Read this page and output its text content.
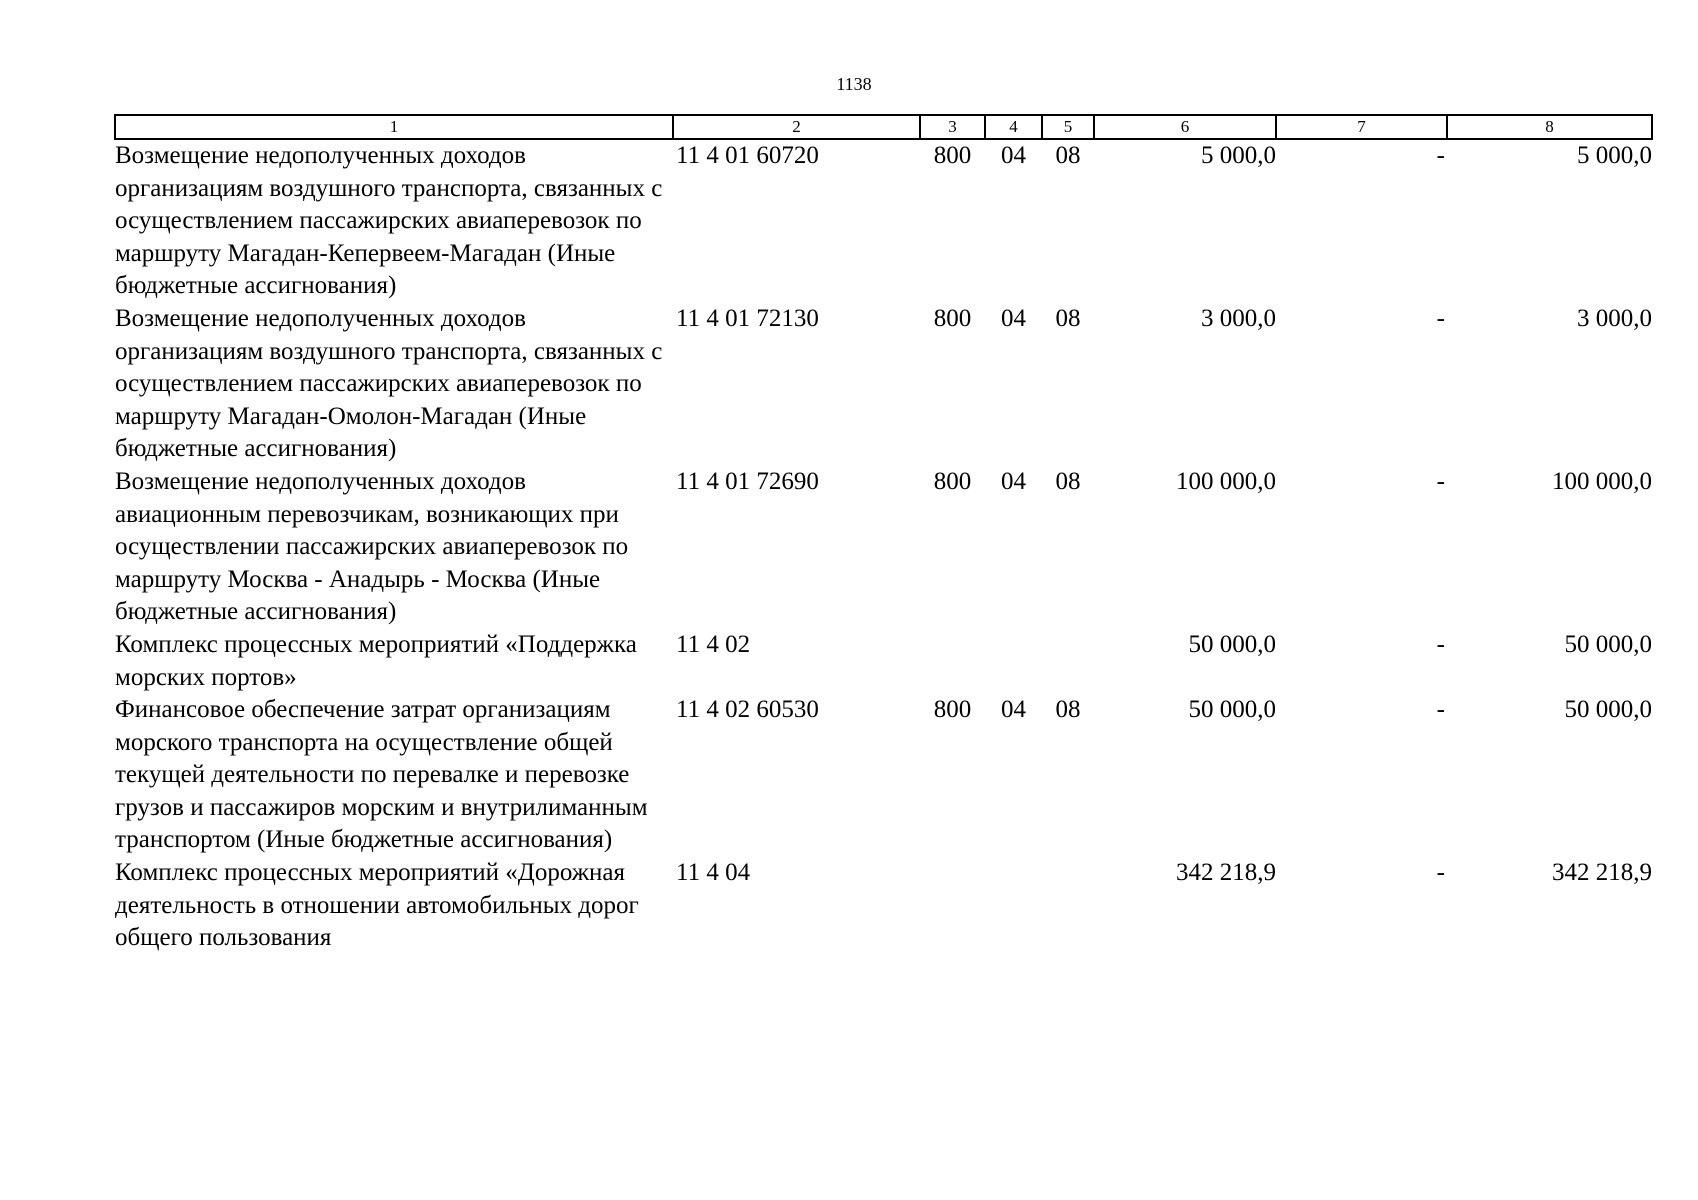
1138
1	2	3	4	5	6	7	8
Возмещение недополученных доходов организациям воздушного транспорта, связанных с осуществлением пассажирских авиаперевозок по маршруту Магадан-Кепервеем-Магадан (Иные бюджетные ассигнования)	11 4 01 60720	800	04	08	5 000,0	-	5 000,0
Возмещение недополученных доходов организациям воздушного транспорта, связанных с осуществлением пассажирских авиаперевозок по маршруту Магадан-Омолон-Магадан (Иные бюджетные ассигнования)	11 4 01 72130	800	04	08	3 000,0	-	3 000,0
Возмещение недополученных доходов авиационным перевозчикам, возникающих при осуществлении пассажирских авиаперевозок по маршруту Москва - Анадырь - Москва (Иные бюджетные ассигнования)	11 4 01 72690	800	04	08	100 000,0	-	100 000,0
Комплекс процессных мероприятий «Поддержка морских портов»	11 4 02				50 000,0	-	50 000,0
Финансовое обеспечение затрат организациям морского транспорта на осуществление общей текущей деятельности по перевалке и перевозке грузов и пассажиров морским и внутрилиманным транспортом (Иные бюджетные ассигнования)	11 4 02 60530	800	04	08	50 000,0	-	50 000,0
Комплекс процессных мероприятий «Дорожная деятельность в отношении автомобильных дорог общего пользования	11 4 04				342 218,9	-	342 218,9
